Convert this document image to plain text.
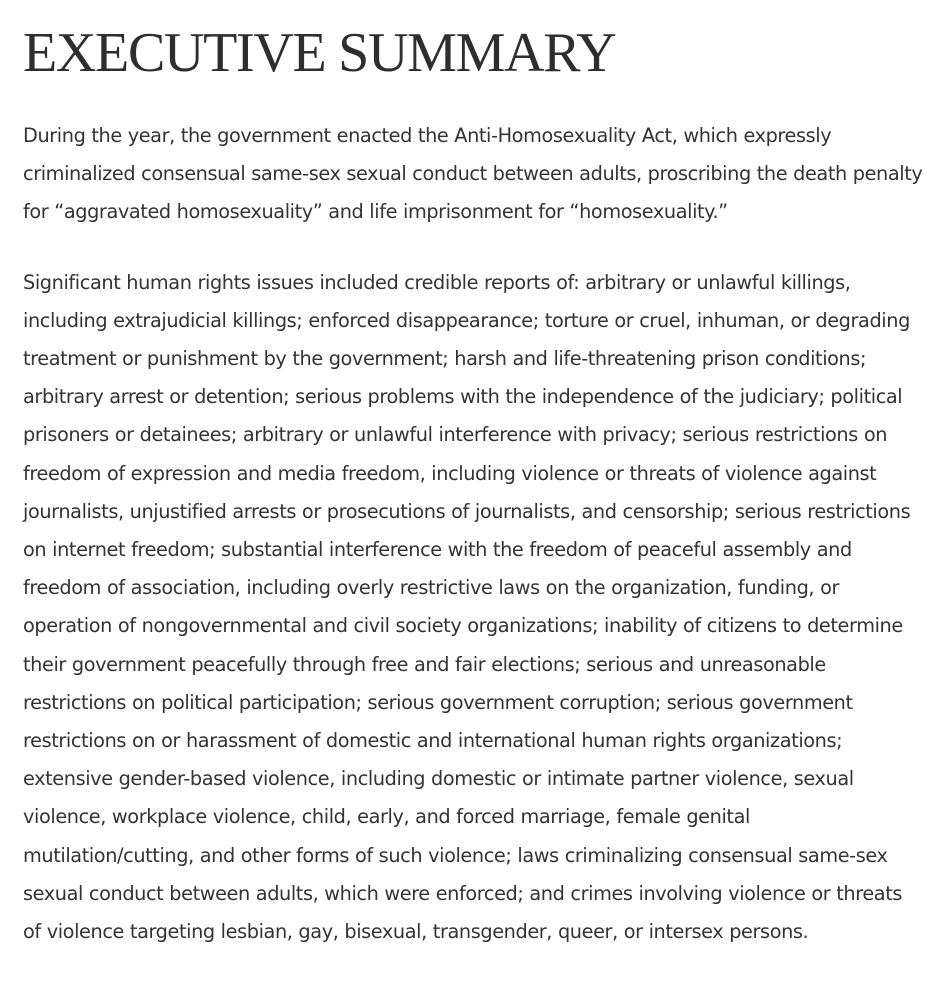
EXECUTIVE SUMMARY

During the year, the government enacted the Anti-Homosexuality Act, which expressly criminalized consensual same-sex sexual conduct between adults, proscribing the death penalty for “aggravated homosexuality” and life imprisonment for “homosexuality.”

Significant human rights issues included credible reports of: arbitrary or unlawful killings, including extrajudicial killings; enforced disappearance; torture or cruel, inhuman, or degrading treatment or punishment by the government; harsh and life-threatening prison conditions; arbitrary arrest or detention; serious problems with the independence of the judiciary; political prisoners or detainees; arbitrary or unlawful interference with privacy; serious restrictions on freedom of expression and media freedom, including violence or threats of violence against journalists, unjustified arrests or prosecutions of journalists, and censorship; serious restrictions on internet freedom; substantial interference with the freedom of peaceful assembly and freedom of association, including overly restrictive laws on the organization, funding, or operation of nongovernmental and civil society organizations; inability of citizens to determine their government peacefully through free and fair elections; serious and unreasonable restrictions on political participation; serious government corruption; serious government restrictions on or harassment of domestic and international human rights organizations; extensive gender-based violence, including domestic or intimate partner violence, sexual violence, workplace violence, child, early, and forced marriage, female genital mutilation/cutting, and other forms of such violence; laws criminalizing consensual same-sex sexual conduct between adults, which were enforced; and crimes involving violence or threats of violence targeting lesbian, gay, bisexual, transgender, queer, or intersex persons.
